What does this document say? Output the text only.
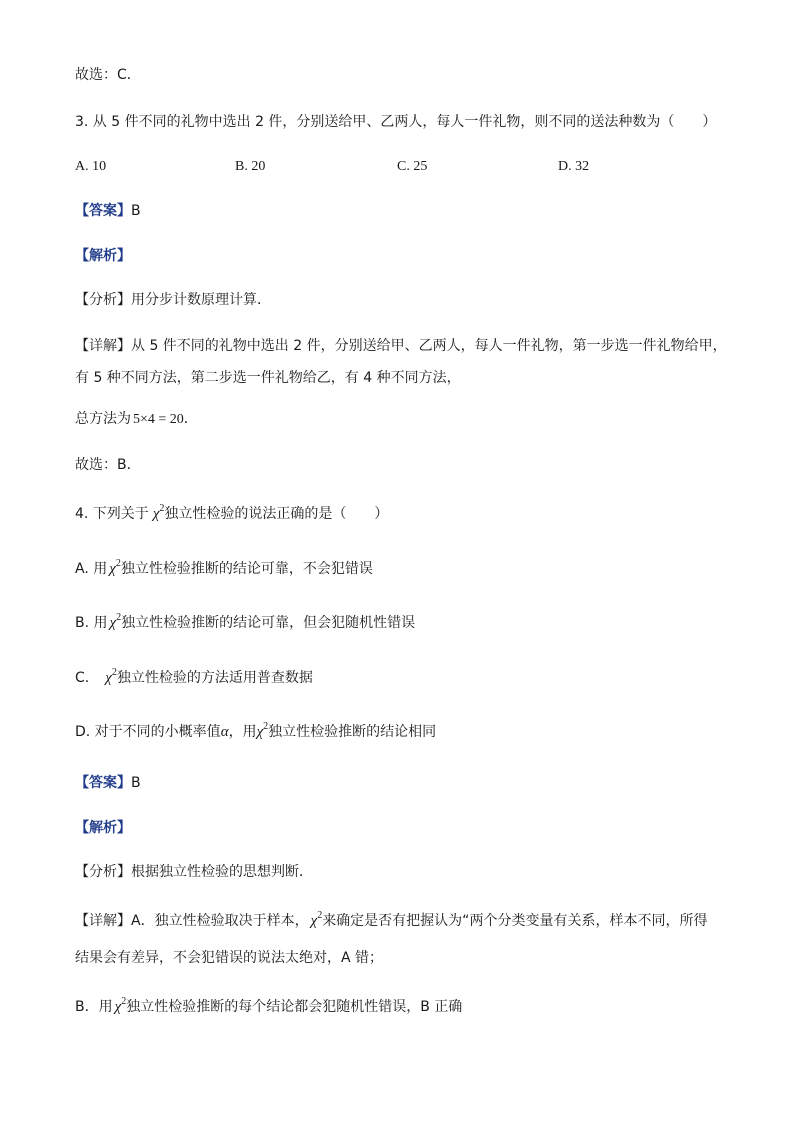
故选：C．
3. 从 5 件不同的礼物中选出 2 件，分别送给甲、乙两人，每人一件礼物，则不同的送法种数为（　　）
A. 10	B. 20	C. 25	D. 32
【答案】B
【解析】
【分析】用分步计数原理计算．
【详解】从 5 件不同的礼物中选出 2 件，分别送给甲、乙两人，每人一件礼物，第一步选一件礼物给甲，
有 5 种不同方法，第二步选一件礼物给乙，有 4 种不同方法，
总方法为 5×4 = 20．
故选：B．
4. 下列关于 $\chi^2$独立性检验的说法正确的是（　　）
A. 用 $\chi^2$独立性检验推断的结论可靠，不会犯错误
B. 用 $\chi^2$独立性检验推断的结论可靠，但会犯随机性错误
C. $\chi^2$独立性检验的方法适用普查数据
D. 对于不同的小概率值α，用$\chi^2$独立性检验推断的结论相同
【答案】B
【解析】
【分析】根据独立性检验的思想判断．
【详解】A．独立性检验取决于样本， $\chi^2$来确定是否有把握认为“两个分类变量有关系，样本不同，所得
结果会有差异，不会犯错误的说法太绝对，A 错；
B．用 $\chi^2$独立性检验推断的每个结论都会犯随机性错误，B 正确
